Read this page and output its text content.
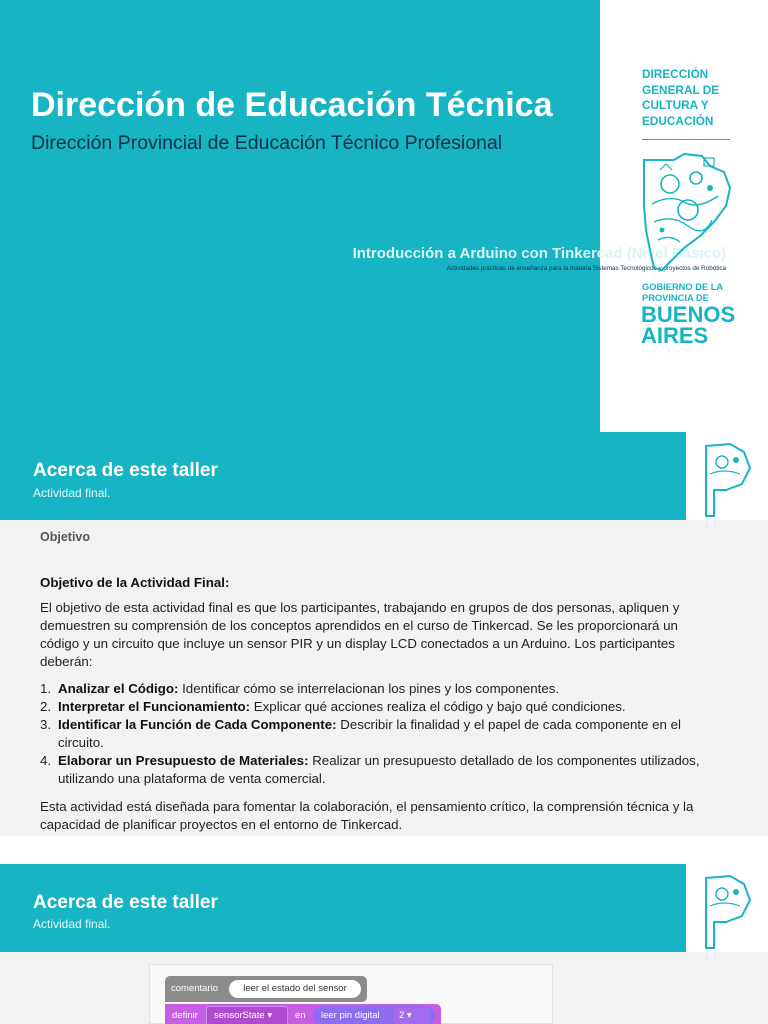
Dirección de Educación Técnica
Dirección Provincial de Educación Técnico Profesional
Introducción a Arduino con Tinkercad (Nivel Básico)
Actividades prácticas de enseñanza para la materia Sistemas Tecnológicos y proyectos de Robótica
DIRECCIÓN
GENERAL DE
CULTURA Y
EDUCACIÓN
GOBIERNO DE LA
PROVINCIA DE
BUENOS
AIRES
Acerca de este taller
Actividad final.
Objetivo
Objetivo de la Actividad Final:

El objetivo de esta actividad final es que los participantes, trabajando en grupos de dos personas, apliquen y demuestren su comprensión de los conceptos aprendidos en el curso de Tinkercad. Se les proporcionará un código y un circuito que incluye un sensor PIR y un display LCD conectados a un Arduino. Los participantes deberán:

1. Analizar el Código: Identificar cómo se interrelacionan los pines y los componentes.
2. Interpretar el Funcionamiento: Explicar qué acciones realiza el código y bajo qué condiciones.
3. Identificar la Función de Cada Componente: Describir la finalidad y el papel de cada componente en el circuito.
4. Elaborar un Presupuesto de Materiales: Realizar un presupuesto detallado de los componentes utilizados, utilizando una plataforma de venta comercial.

Esta actividad está diseñada para fomentar la colaboración, el pensamiento crítico, la comprensión técnica y la capacidad de planificar proyectos en el entorno de Tinkercad.

Acerca de este taller
Actividad final.
comentario	leer el estado del sensor
definir	sensorState ▾	en leer pin digital	2 ▾
